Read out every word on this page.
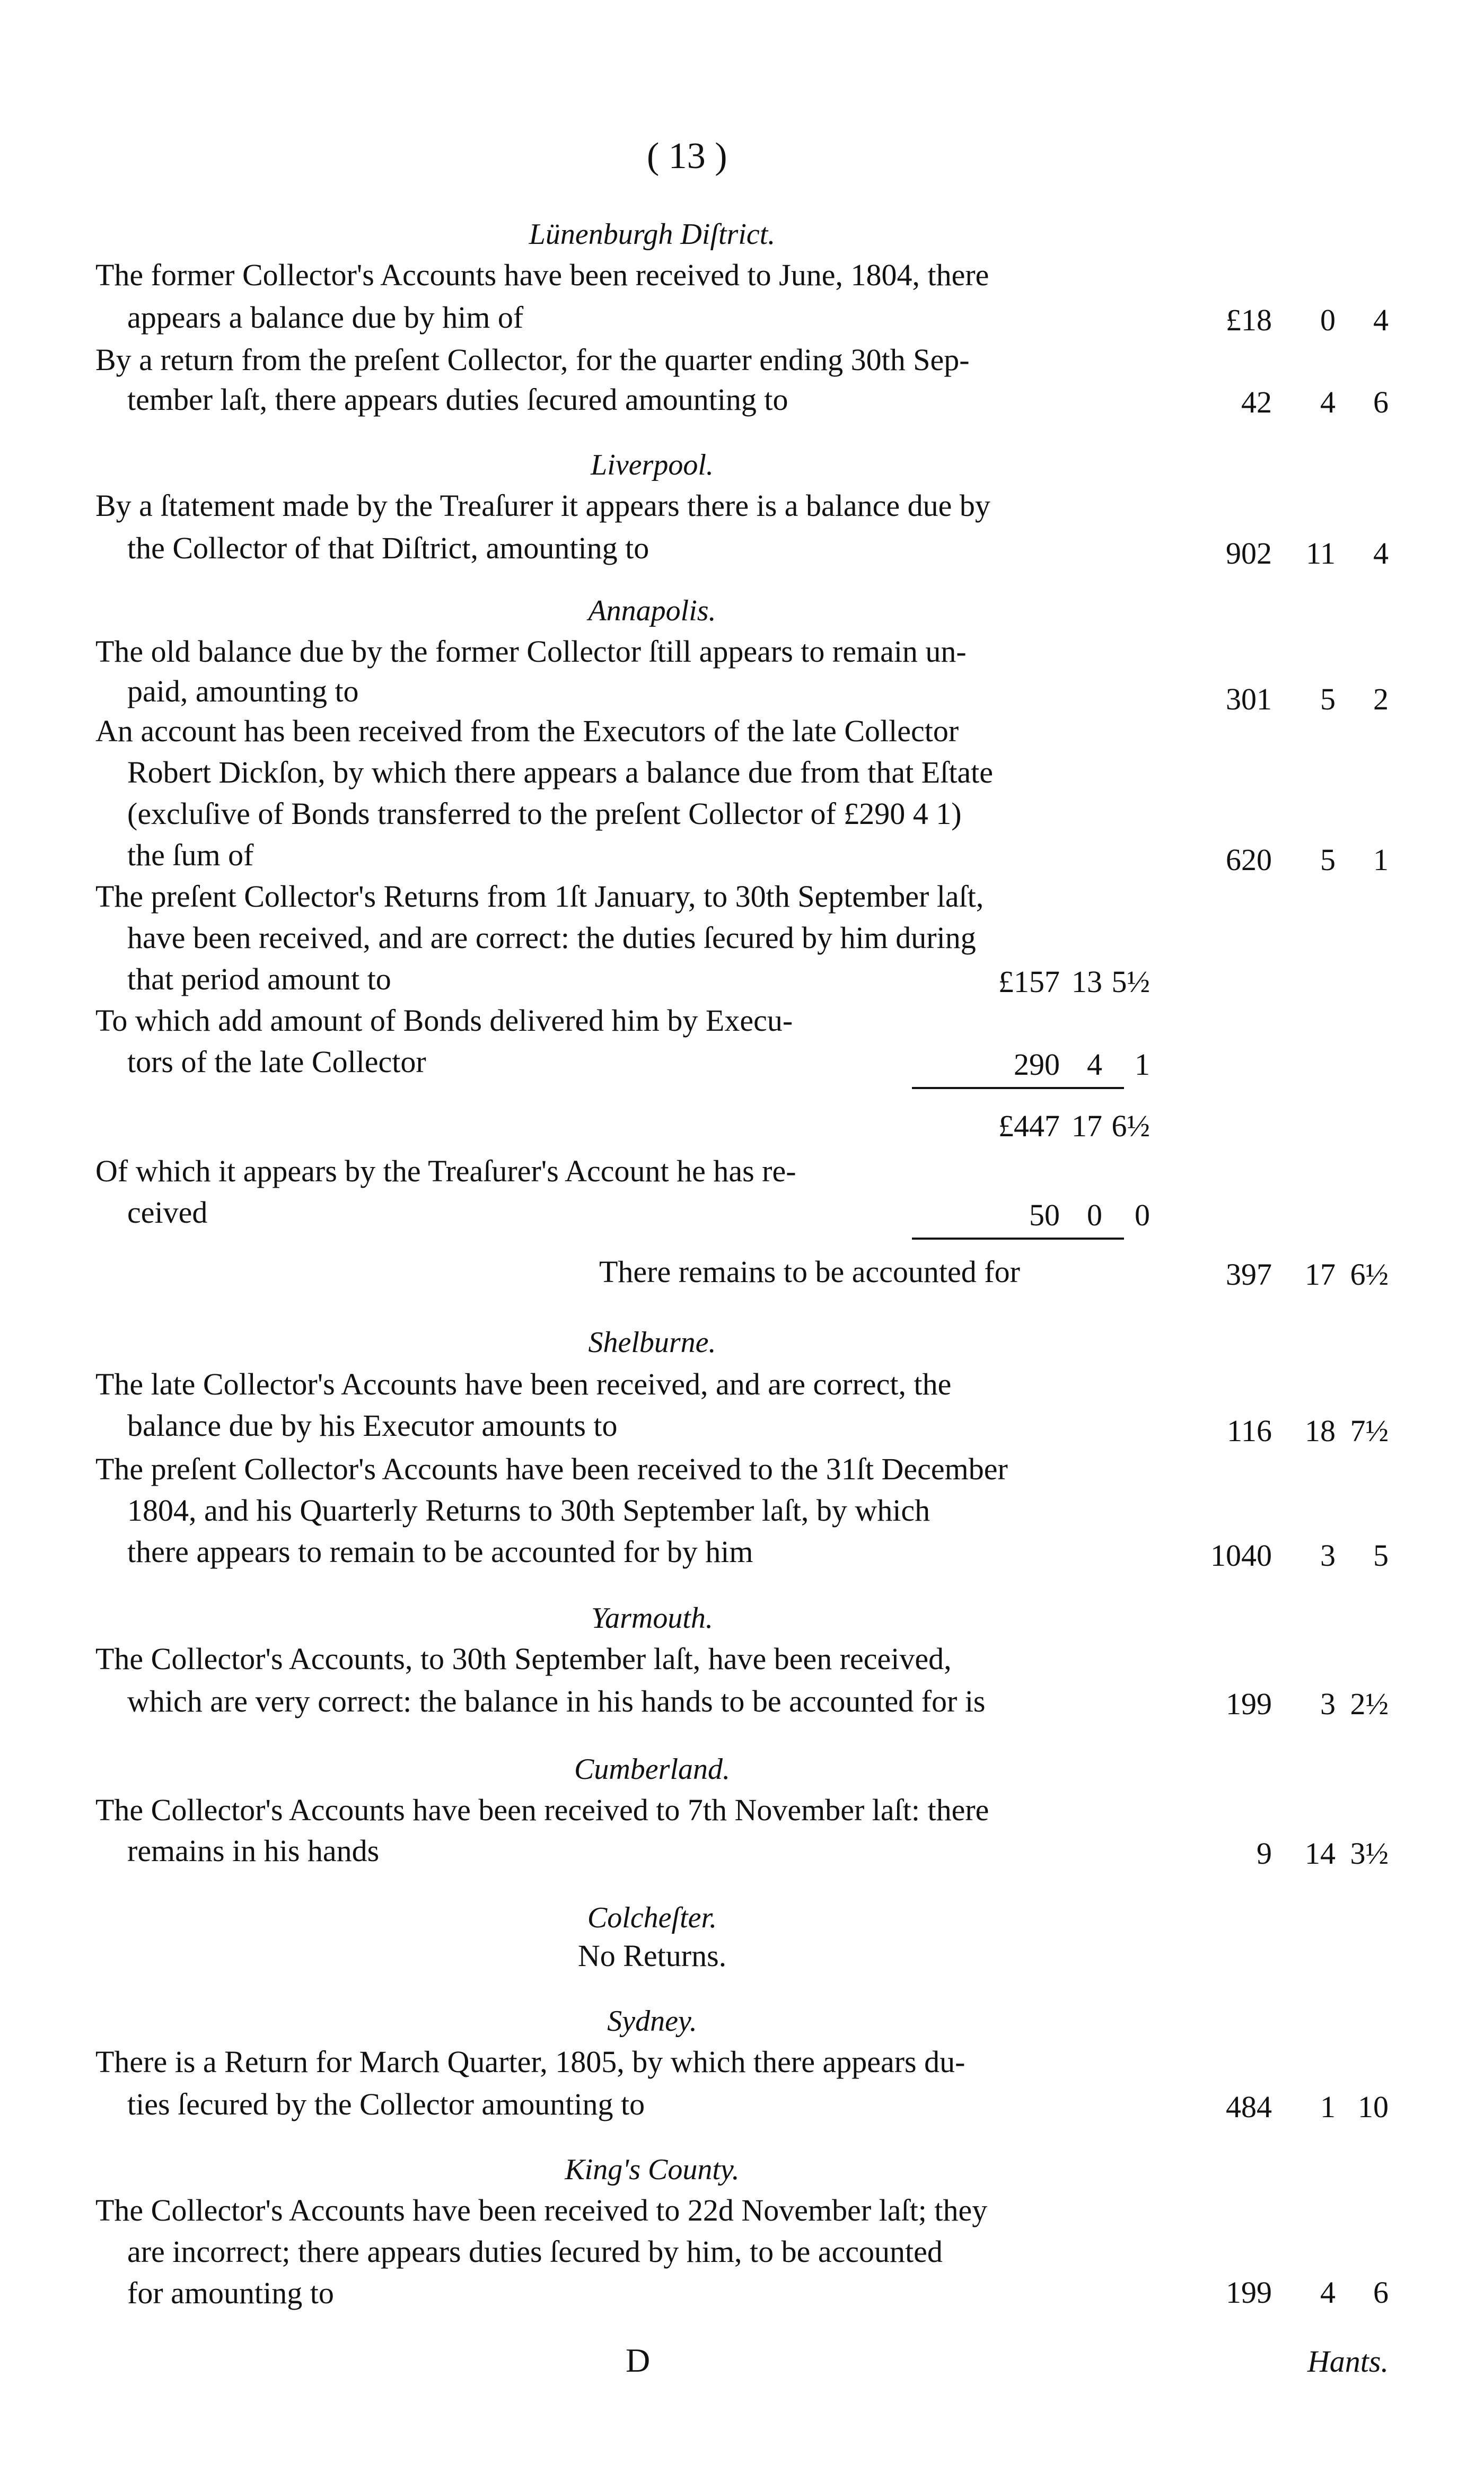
( 13 )
Lünenburgh Diſtrict.
The former Collector's Accounts have been received to June, 1804, there
appears a balance due by him of	£18	0	4
By a return from the preſent Collector, for the quarter ending 30th Sep-
tember laſt, there appears duties ſecured amounting to	42	4	6
Liverpool.
By a ſtatement made by the Treaſurer it appears there is a balance due by
the Collector of that Diſtrict, amounting to	902	11	4
Annapolis.
The old balance due by the former Collector ſtill appears to remain un-
paid, amounting to	301	5	2
An account has been received from the Executors of the late Collector
Robert Dickſon, by which there appears a balance due from that Eſtate
(excluſive of Bonds transferred to the preſent Collector of £290 4 1)
the ſum of	620	5	1
The preſent Collector's Returns from 1ſt January, to 30th September laſt,
have been received, and are correct: the duties ſecured by him during
that period amount to	£157 13 5½
To which add amount of Bonds delivered him by Execu-
tors of the late Collector	290 4	1
£447 17 6½
Of which it appears by the Treaſurer's Account he has re-
ceived	50 0	0
There remains to be accounted for	397	17 6½
Shelburne.
The late Collector's Accounts have been received, and are correct, the
balance due by his Executor amounts to	116	18 7½
The preſent Collector's Accounts have been received to the 31ſt December
1804, and his Quarterly Returns to 30th September laſt, by which
there appears to remain to be accounted for by him	1040	3	5
Yarmouth.
The Collector's Accounts, to 30th September laſt, have been received,
which are very correct: the balance in his hands to be accounted for is	199	3 2½
Cumberland.
The Collector's Accounts have been received to 7th November laſt: there
remains in his hands	9	14 3½
Colcheſter.
No Returns.
Sydney.
There is a Return for March Quarter, 1805, by which there appears du-
ties ſecured by the Collector amounting to	484	1 10
King's County.
The Collector's Accounts have been received to 22d November laſt; they
are incorrect; there appears duties ſecured by him, to be accounted
for amounting to	199	4	6
D	Hants.
